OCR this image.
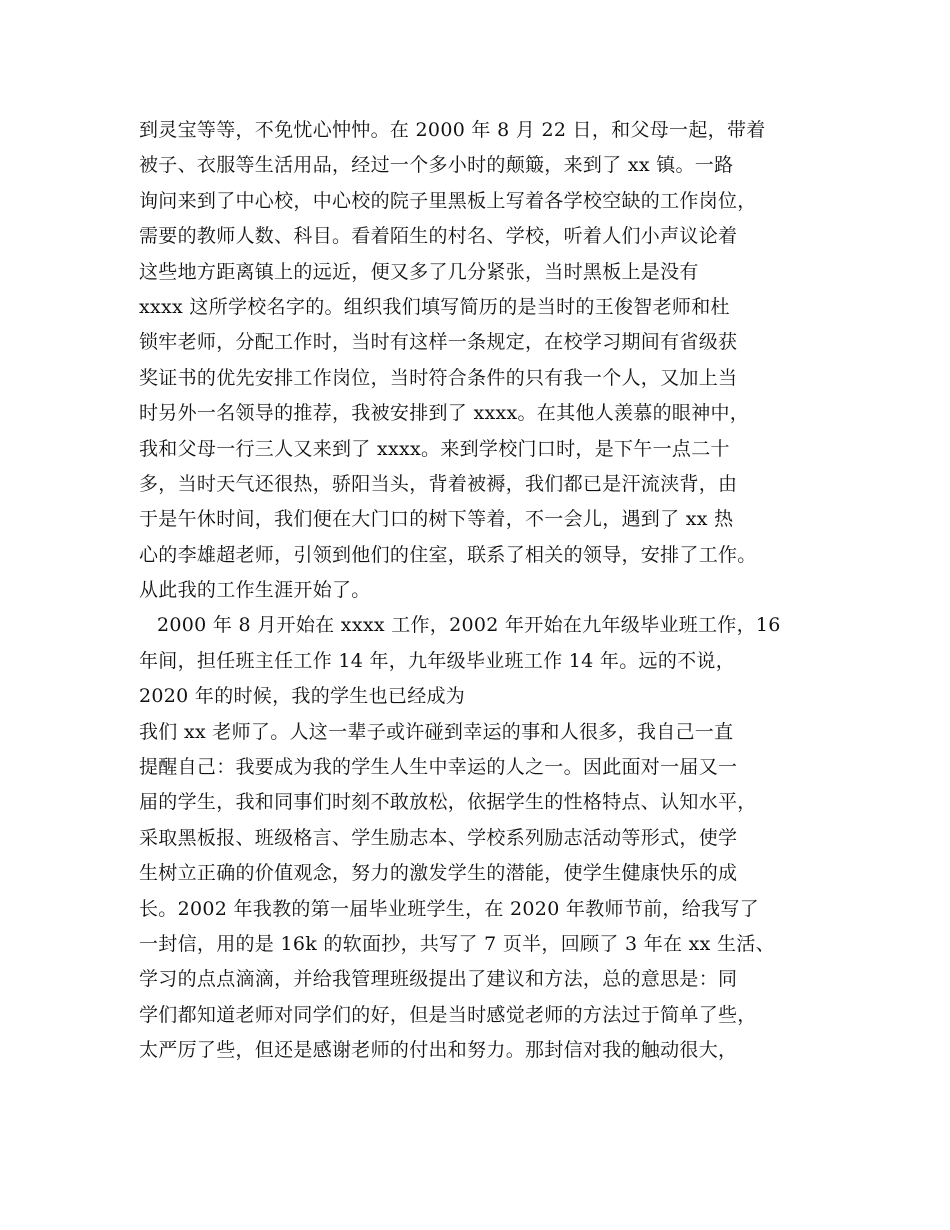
到灵宝等等，不免忧心忡忡。在 2000 年 8 月 22 日，和父母一起，带着
被子、衣服等生活用品，经过一个多小时的颠簸，来到了 xx 镇。一路
询问来到了中心校，中心校的院子里黑板上写着各学校空缺的工作岗位，
需要的教师人数、科目。看着陌生的村名、学校，听着人们小声议论着
这些地方距离镇上的远近，便又多了几分紧张，当时黑板上是没有
xxxx 这所学校名字的。组织我们填写简历的是当时的王俊智老师和杜
锁牢老师，分配工作时，当时有这样一条规定，在校学习期间有省级获
奖证书的优先安排工作岗位，当时符合条件的只有我一个人，又加上当
时另外一名领导的推荐，我被安排到了 xxxx。在其他人羡慕的眼神中，
我和父母一行三人又来到了 xxxx。来到学校门口时，是下午一点二十
多，当时天气还很热，骄阳当头，背着被褥，我们都已是汗流浃背，由
于是午休时间，我们便在大门口的树下等着，不一会儿，遇到了 xx 热
心的李雄超老师，引领到他们的住室，联系了相关的领导，安排了工作。
从此我的工作生涯开始了。
2000 年 8 月开始在 xxxx 工作，2002 年开始在九年级毕业班工作，16
年间，担任班主任工作 14 年，九年级毕业班工作 14 年。远的不说，
2020 年的时候，我的学生也已经成为
我们 xx 老师了。人这一辈子或许碰到幸运的事和人很多，我自己一直
提醒自己：我要成为我的学生人生中幸运的人之一。因此面对一届又一
届的学生，我和同事们时刻不敢放松，依据学生的性格特点、认知水平，
采取黑板报、班级格言、学生励志本、学校系列励志活动等形式，使学
生树立正确的价值观念，努力的激发学生的潜能，使学生健康快乐的成
长。2002 年我教的第一届毕业班学生，在 2020 年教师节前，给我写了
一封信，用的是 16k 的软面抄，共写了 7 页半，回顾了 3 年在 xx 生活、
学习的点点滴滴，并给我管理班级提出了建议和方法，总的意思是：同
学们都知道老师对同学们的好，但是当时感觉老师的方法过于简单了些，
太严厉了些，但还是感谢老师的付出和努力。那封信对我的触动很大，
